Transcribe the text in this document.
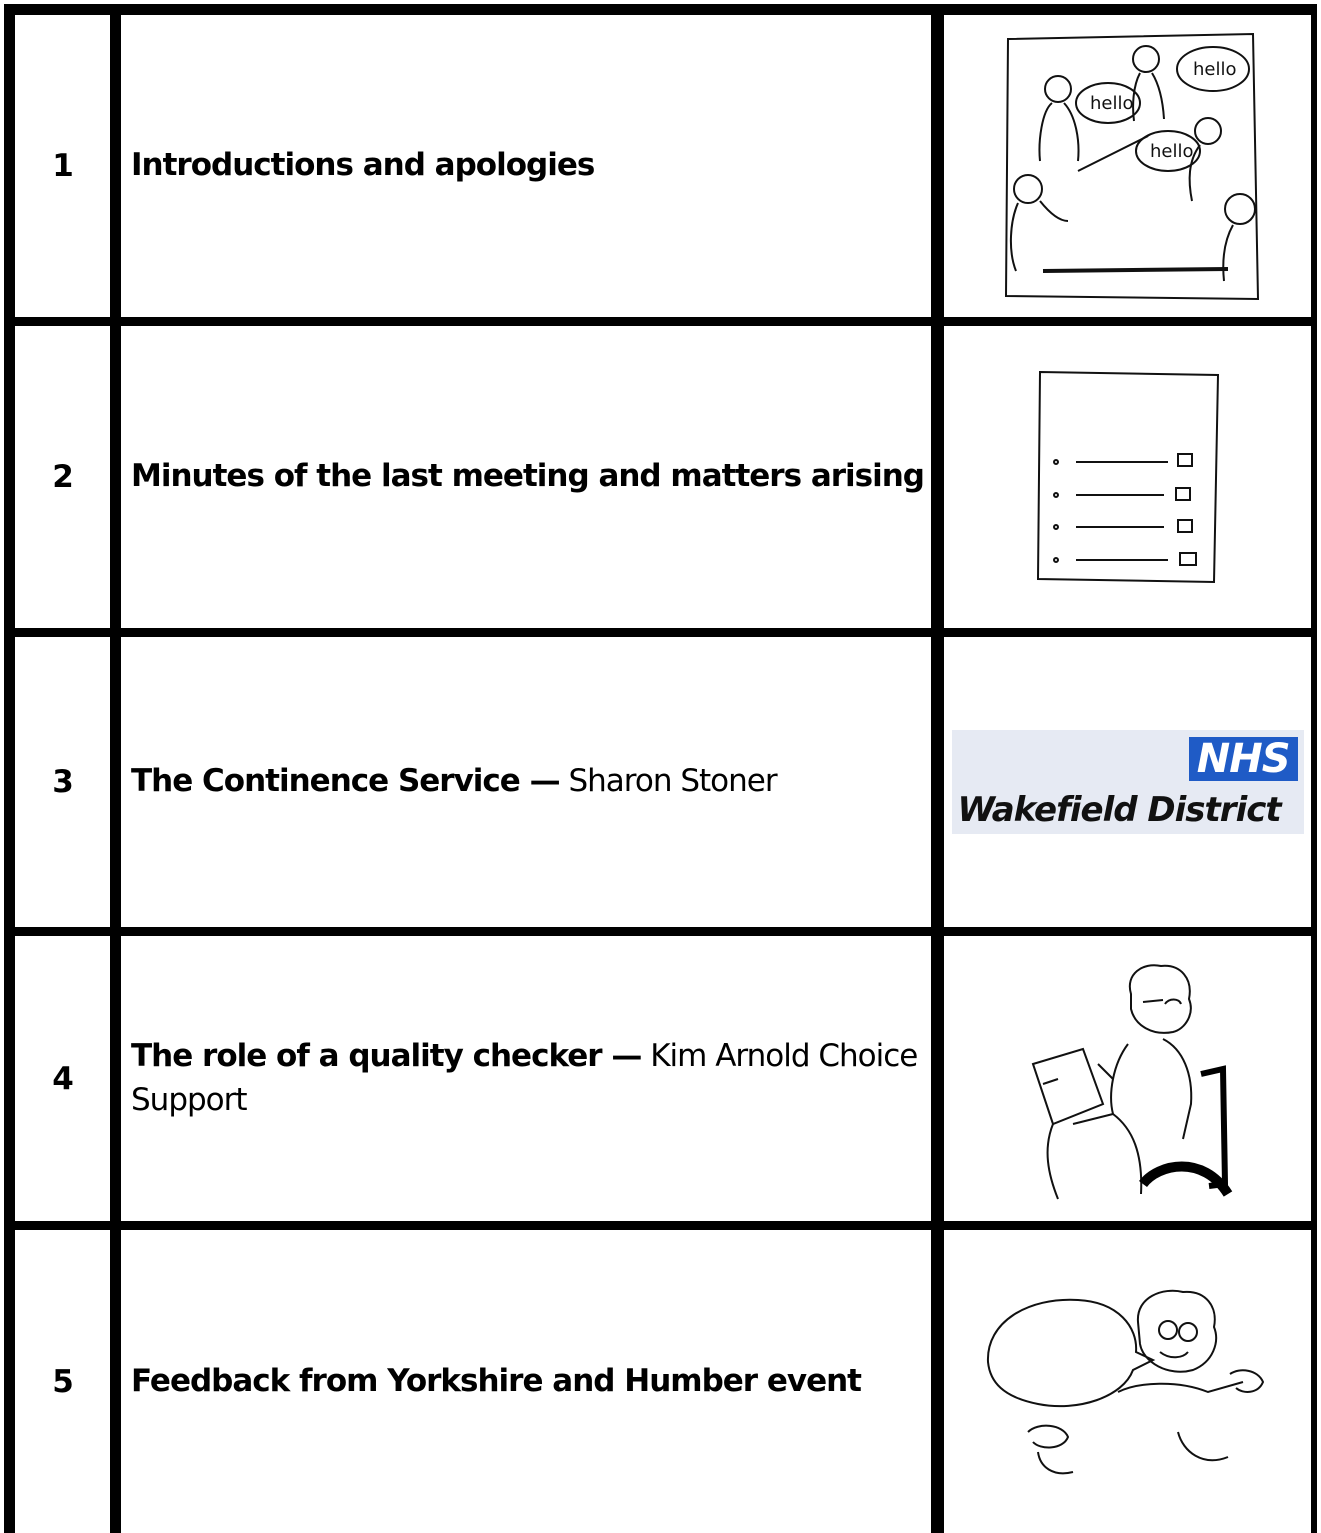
1 Introductions and apologies
hello
hello
hello
2 Minutes of the last meeting and matters arising
3 The Continence Service — Sharon Stoner	NHS
Wakefield District
4
The role of a quality checker — Kim Arnold Choice Support
5 Feedback from Yorkshire and Humber event
